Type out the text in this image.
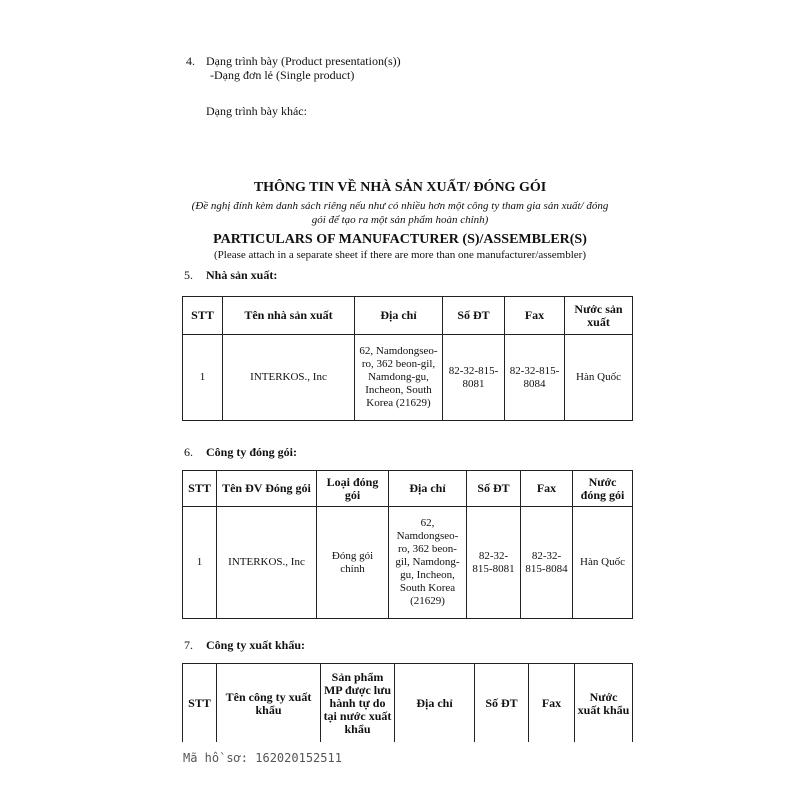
4. Dạng trình bày (Product presentation(s))
-Dạng đơn lẻ (Single product)
Dạng trình bày khác:
THÔNG TIN VỀ NHÀ SẢN XUẤT/ ĐÓNG GÓI
(Đề nghị đính kèm danh sách riêng nếu như có nhiều hơn một công ty tham gia sản xuất/ đóng
gói để tạo ra một sản phẩm hoàn chỉnh)
PARTICULARS OF MANUFACTURER (S)/ASSEMBLER(S)
(Please attach in a separate sheet if there are more than one manufacturer/assembler)
5. Nhà sản xuất:
STT	Tên nhà sản xuất	Địa chỉ	Số ĐT	Fax	Nước sản xuất
1	INTERKOS., Inc	62, Namdongseo-ro, 362 beon-gil, Namdong-gu, Incheon, South Korea (21629)	82-32-815-8081	82-32-815-8084	Hàn Quốc
6. Công ty đóng gói:
STT	Tên ĐV Đóng gói	Loại đóng gói	Địa chỉ	Số ĐT	Fax	Nước đóng gói
1	INTERKOS., Inc	Đóng gói chính	62, Namdongseo-ro, 362 beon-gil, Namdong-gu, Incheon, South Korea (21629)	82-32-815-8081	82-32-815-8084	Hàn Quốc
7. Công ty xuất khẩu:
STT	Tên công ty xuất khẩu	Sản phẩm MP được lưu hành tự do tại nước xuất khẩu	Địa chỉ	Số ĐT	Fax	Nước xuất khẩu
Mã hồ sơ: 162020152511
